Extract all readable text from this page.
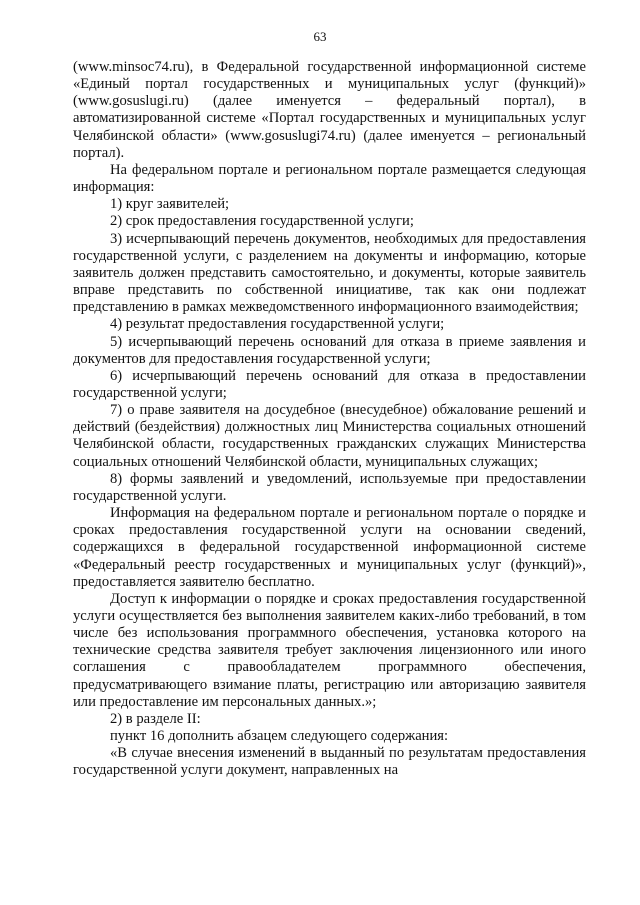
63

(www.minsoc74.ru), в Федеральной государственной информационной системе «Единый портал государственных и муниципальных услуг (функций)» (www.gosuslugi.ru) (далее именуется – федеральный портал), в автоматизированной системе «Портал государственных и муниципальных услуг Челябинской области» (www.gosuslugi74.ru) (далее именуется – региональный портал).

На федеральном портале и региональном портале размещается следующая информация:

1) круг заявителей;

2) срок предоставления государственной услуги;

3) исчерпывающий перечень документов, необходимых для предоставления государственной услуги, с разделением на документы и информацию, которые заявитель должен представить самостоятельно, и документы, которые заявитель вправе представить по собственной инициативе, так как они подлежат представлению в рамках межведомственного информационного взаимодействия;

4) результат предоставления государственной услуги;

5) исчерпывающий перечень оснований для отказа в приеме заявления и документов для предоставления государственной услуги;

6) исчерпывающий перечень оснований для отказа в предоставлении государственной услуги;

7) о праве заявителя на досудебное (внесудебное) обжалование решений и действий (бездействия) должностных лиц Министерства социальных отношений Челябинской области, государственных гражданских служащих Министерства социальных отношений Челябинской области, муниципальных служащих;

8) формы заявлений и уведомлений, используемые при предоставлении государственной услуги.

Информация на федеральном портале и региональном портале о порядке и сроках предоставления государственной услуги на основании сведений, содержащихся в федеральной государственной информационной системе «Федеральный реестр государственных и муниципальных услуг (функций)», предоставляется заявителю бесплатно.

Доступ к информации о порядке и сроках предоставления государственной услуги осуществляется без выполнения заявителем каких-либо требований, в том числе без использования программного обеспечения, установка которого на технические средства заявителя требует заключения лицензионного или иного соглашения с правообладателем программного обеспечения, предусматривающего взимание платы, регистрацию или авторизацию заявителя или предоставление им персональных данных.»;

2) в разделе II:

пункт 16 дополнить абзацем следующего содержания:

«В случае внесения изменений в выданный по результатам предоставления государственной услуги документ, направленных на
